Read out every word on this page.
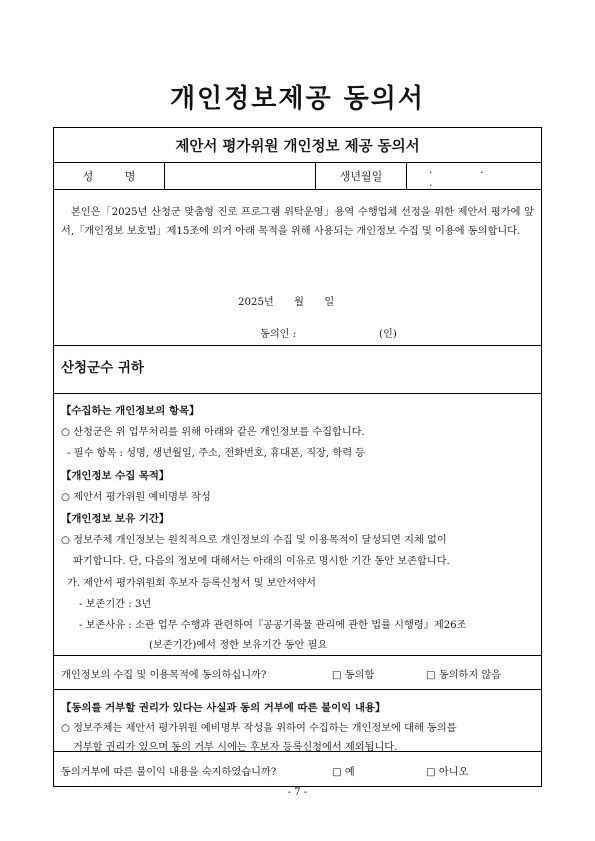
개인정보제공 동의서
제안서 평가위원 개인정보 제공 동의서
성 명	생년월일
. . .
본인은「2025년 산청군 맞춤형 진로 프로그램 위탁운영」용역 수행업체 선정을 위한 제안서 평가에 앞서,「개인정보 보호법」제15조에 의거 아래 목적을 위해 사용되는 개인정보 수집 및 이용에 동의합니다.
2025년　　월　　일
동의인 :	(인)
산청군수 귀하
【수집하는 개인정보의 항목】
○ 산청군은 위 업무처리를 위해 아래와 같은 개인정보를 수집합니다.
- 필수 항목 : 성명, 생년월일, 주소, 전화번호, 휴대폰, 직장, 학력 등
【개인정보 수집 목적】
○ 제안서 평가위원 예비명부 작성
【개인정보 보유 기간】
○ 정보주체 개인정보는 원칙적으로 개인정보의 수집 및 이용목적이 달성되면 지체 없이
파기합니다. 단, 다음의 정보에 대해서는 아래의 이유로 명시한 기간 동안 보존합니다.
가. 제안서 평가위원회 후보자 등록신청서 및 보안서약서
- 보존기간 : 3년
- 보존사유 : 소관 업무 수행과 관련하여『공공기록물 관리에 관한 법률 시행령』제26조
(보존기간)에서 정한 보유기간 동안 필요
개인정보의 수집 및 이용목적에 동의하십니까?	□ 동의함	□ 동의하지 않음
【동의를 거부할 권리가 있다는 사실과 동의 거부에 따른 불이익 내용】
○ 정보주체는 제안서 평가위원 예비명부 작성을 위하여 수집하는 개인정보에 대해 동의를
거부할 권리가 있으며 동의 거부 시에는 후보자 등록신청에서 제외됩니다.
동의거부에 따른 불이익 내용을 숙지하였습니까?	□ 예	□ 아니오
- 7 -
